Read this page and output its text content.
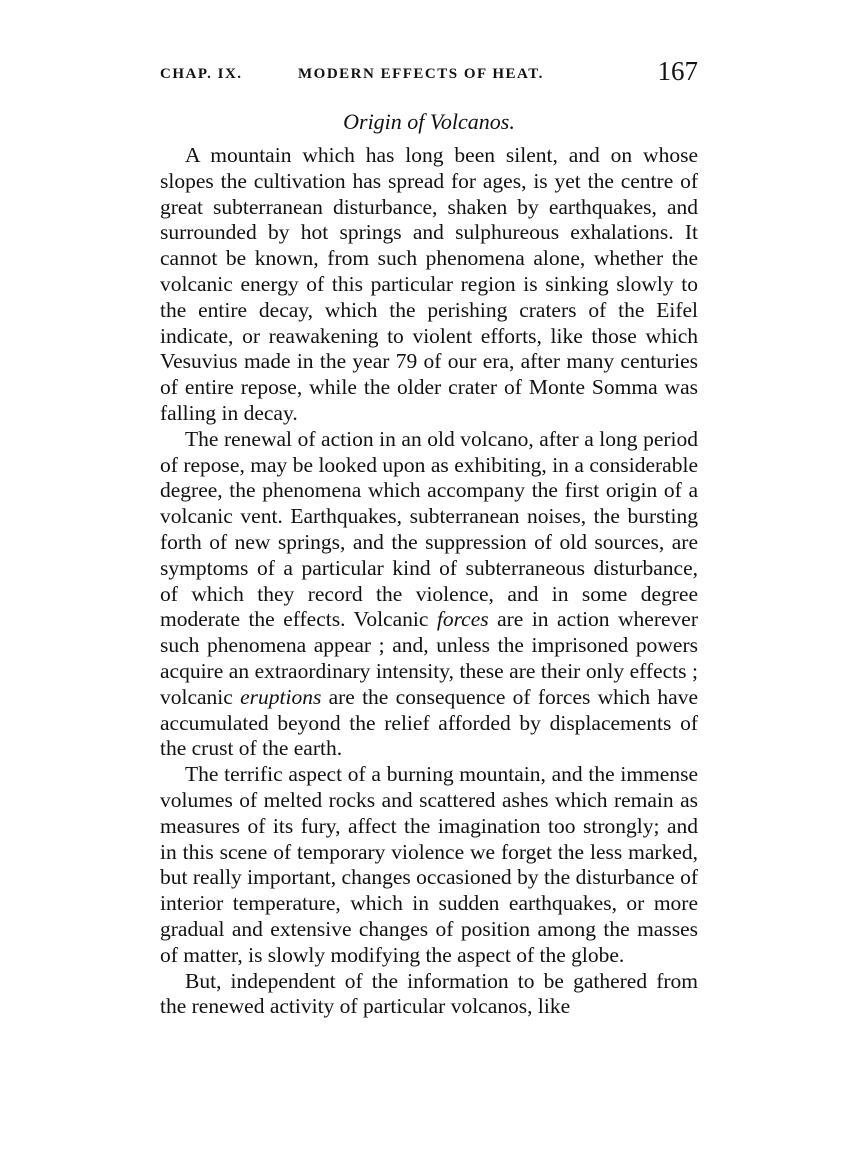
CHAP. IX.	MODERN EFFECTS OF HEAT.	167
Origin of Volcanos.

A mountain which has long been silent, and on whose slopes the cultivation has spread for ages, is yet the centre of great subterranean disturbance, shaken by earthquakes, and surrounded by hot springs and sulphureous exhalations. It cannot be known, from such phenomena alone, whether the volcanic energy of this particular region is sinking slowly to the entire decay, which the perishing craters of the Eifel indicate, or reawakening to violent efforts, like those which Vesuvius made in the year 79 of our era, after many centuries of entire repose, while the older crater of Monte Somma was falling in decay.

The renewal of action in an old volcano, after a long period of repose, may be looked upon as exhibiting, in a considerable degree, the phenomena which accompany the first origin of a volcanic vent. Earthquakes, subterranean noises, the bursting forth of new springs, and the suppression of old sources, are symptoms of a particular kind of subterraneous disturbance, of which they record the violence, and in some degree moderate the effects. Volcanic forces are in action wherever such phenomena appear ; and, unless the imprisoned powers acquire an extraordinary intensity, these are their only effects ; volcanic eruptions are the consequence of forces which have accumulated beyond the relief afforded by displacements of the crust of the earth.

The terrific aspect of a burning mountain, and the immense volumes of melted rocks and scattered ashes which remain as measures of its fury, affect the imagination too strongly; and in this scene of temporary violence we forget the less marked, but really important, changes occasioned by the disturbance of interior temperature, which in sudden earthquakes, or more gradual and extensive changes of position among the masses of matter, is slowly modifying the aspect of the globe.

But, independent of the information to be gathered from the renewed activity of particular volcanos, like
